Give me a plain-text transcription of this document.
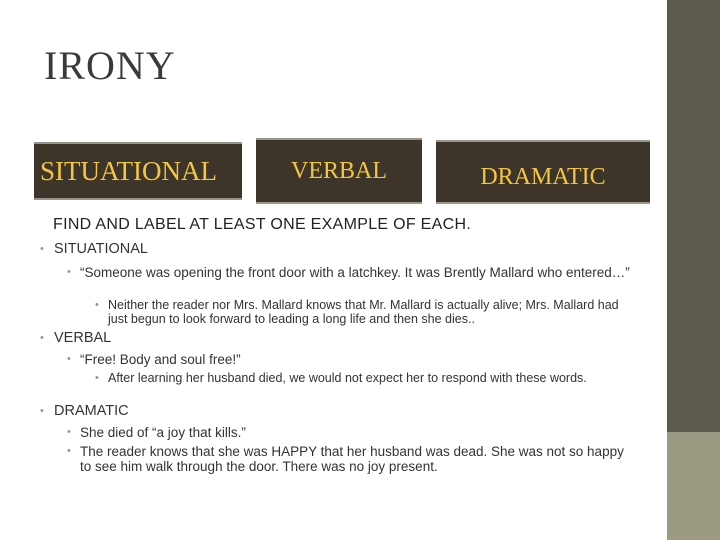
IRONY
SITUATIONAL	VERBAL	DRAMATIC
FIND AND LABEL AT LEAST ONE EXAMPLE OF EACH.
• SITUATIONAL
• “Someone was opening the front door with a latchkey. It was Brently Mallard who entered…”
• Neither the reader nor Mrs. Mallard knows that Mr. Mallard is actually alive; Mrs. Mallard had just begun to look forward to leading a long life and then she dies..
• VERBAL
• “Free! Body and soul free!”
• After learning her husband died, we would not expect her to respond with these words.
• DRAMATIC
• She died of “a joy that kills.”
• The reader knows that she was HAPPY that her husband was dead. She was not so happy to see him walk through the door. There was no joy present.
